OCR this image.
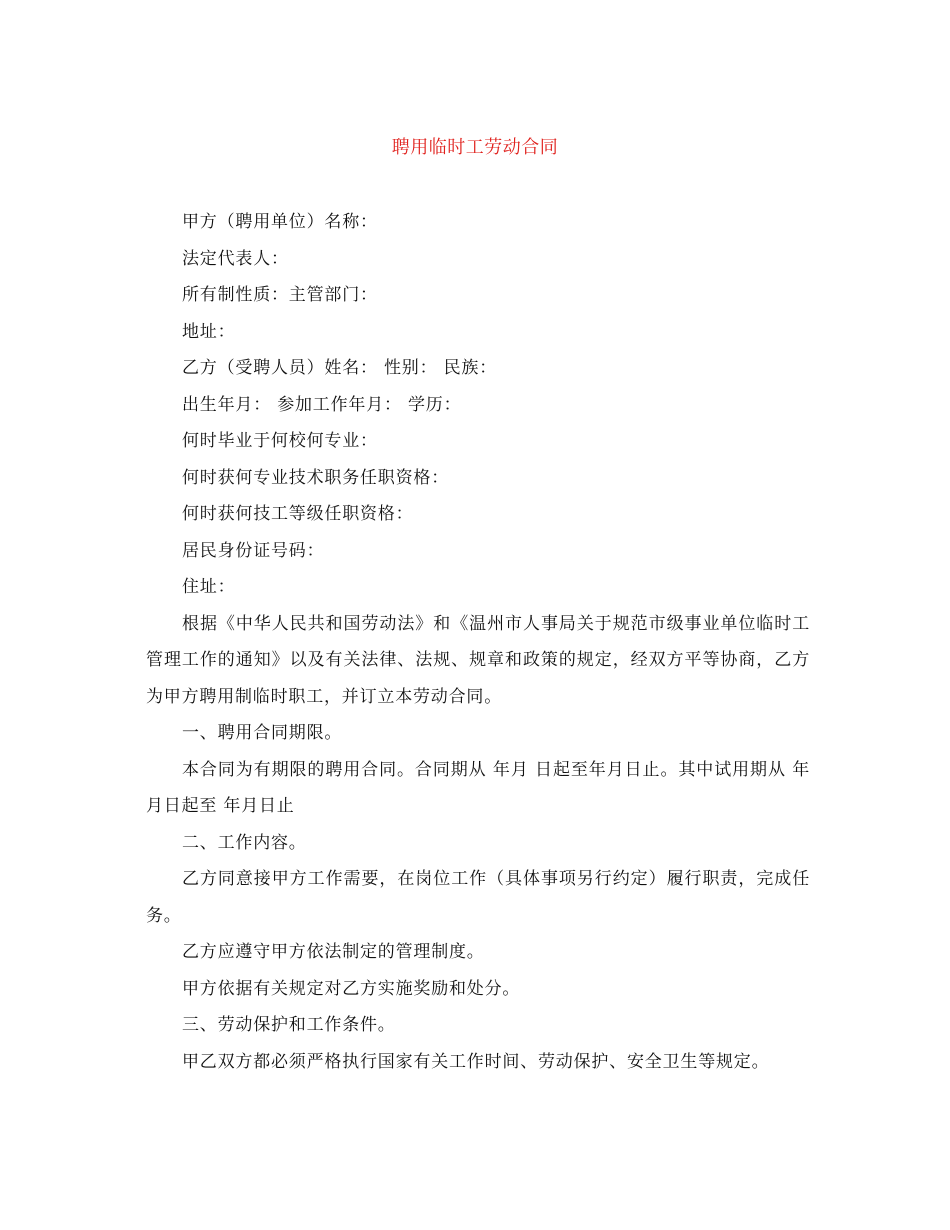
聘用临时工劳动合同

甲方（聘用单位）名称：

法定代表人：

所有制性质：主管部门：

地址：

乙方（受聘人员）姓名： 性别： 民族：

出生年月： 参加工作年月： 学历：

何时毕业于何校何专业：

何时获何专业技术职务任职资格：

何时获何技工等级任职资格：

居民身份证号码：

住址：

根据《中华人民共和国劳动法》和《温州市人事局关于规范市级事业单位临时工管理工作的通知》以及有关法律、法规、规章和政策的规定，经双方平等协商，乙方为甲方聘用制临时职工，并订立本劳动合同。

一、聘用合同期限。

本合同为有期限的聘用合同。合同期从 年月 日起至年月日止。其中试用期从 年 月日起至 年月日止

二、工作内容。

乙方同意接甲方工作需要，在岗位工作（具体事项另行约定）履行职责，完成任务。

乙方应遵守甲方依法制定的管理制度。

甲方依据有关规定对乙方实施奖励和处分。

三、劳动保护和工作条件。

甲乙双方都必须严格执行国家有关工作时间、劳动保护、安全卫生等规定。
